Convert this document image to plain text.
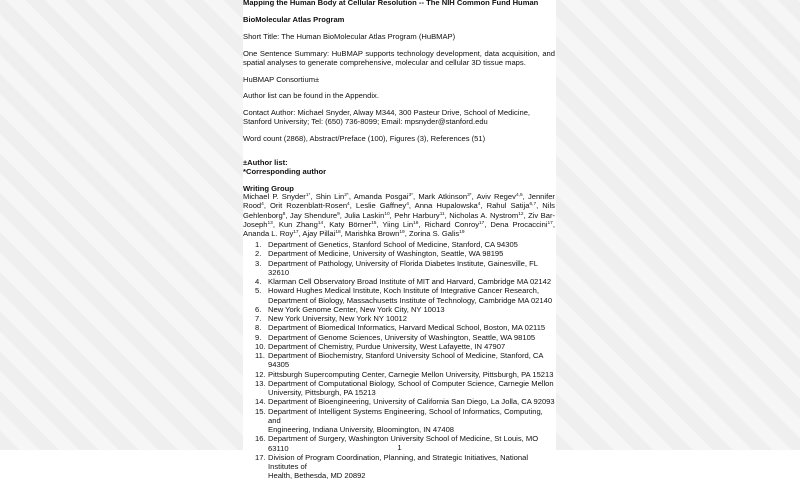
Mapping the Human Body at Cellular Resolution -- The NIH Common Fund Human

BioMolecular Atlas Program

Short Title: The Human BioMolecular Atlas Program (HuBMAP)

One Sentence Summary: HuBMAP supports technology development, data acquisition, and spatial analyses to generate comprehensive, molecular and cellular 3D tissue maps.

HuBMAP Consortium±

Author list can be found in the Appendix.

Contact Author: Michael Snyder, Alway M344, 300 Pasteur Drive, School of Medicine, Stanford University; Tel: (650) 736-8099; Email: mpsnyder@stanford.edu

Word count (2868), Abstract/Preface (100), Figures (3), References (51)

±Author list:

*Corresponding author

Writing Group

Michael P. Snyder$^{1*}$, Shin Lin$^{2*}$, Amanda Posgai$^{3*}$, Mark Atkinson$^{3*}$, Aviv Regev$^{4,5}$, Jennifer Rood$^4$, Orit Rozenblatt-Rosen$^4$, Leslie Gaffney$^4$, Anna Hupalowska$^4$, Rahul Satija$^{6,7}$, Nils Gehlenborg$^8$, Jay Shendure$^9$, Julia Laskin$^{10}$, Pehr Harbury$^{11}$, Nicholas A. Nystrom$^{12}$, Ziv Bar-Joseph$^{13}$, Kun Zhang$^{14}$, Katy Börner$^{15}$, Yiing Lin$^{16}$, Richard Conroy$^{17}$, Dena Procaccini$^{17}$, Ananda L. Roy$^{17}$, Ajay Pillai$^{18}$, Marishka Brown$^{19}$, Zorina S. Galis$^{19}$
1. Department of Genetics, Stanford School of Medicine, Stanford, CA 94305
2. Department of Medicine, University of Washington, Seattle, WA 98195
3. Department of Pathology, University of Florida Diabetes Institute, Gainesville, FL 32610
4. Klarman Cell Observatory Broad Institute of MIT and Harvard, Cambridge MA 02142
5. Howard Hughes Medical Institute, Koch Institute of Integrative Cancer Research,
Department of Biology, Massachusetts Institute of Technology, Cambridge MA 02140
6. New York Genome Center, New York City, NY 10013
7. New York University, New York NY 10012
8. Department of Biomedical Informatics, Harvard Medical School, Boston, MA 02115
9. Department of Genome Sciences, University of Washington, Seattle, WA 98105
10. Department of Chemistry, Purdue University, West Lafayette, IN 47907
11. Department of Biochemistry, Stanford University School of Medicine, Stanford, CA 94305
12. Pittsburgh Supercomputing Center, Carnegie Mellon University, Pittsburgh, PA 15213
13. Department of Computational Biology, School of Computer Science, Carnegie Mellon
University, Pittsburgh, PA 15213
14. Department of Bioengineering, University of California San Diego, La Jolla, CA 92093
15. Department of Intelligent Systems Engineering, School of Informatics, Computing, and
Engineering, Indiana University, Bloomington, IN 47408
16. Department of Surgery, Washington University School of Medicine, St Louis, MO 63110
17. Division of Program Coordination, Planning, and Strategic Initiatives, National Institutes of
Health, Bethesda, MD 20892
1
